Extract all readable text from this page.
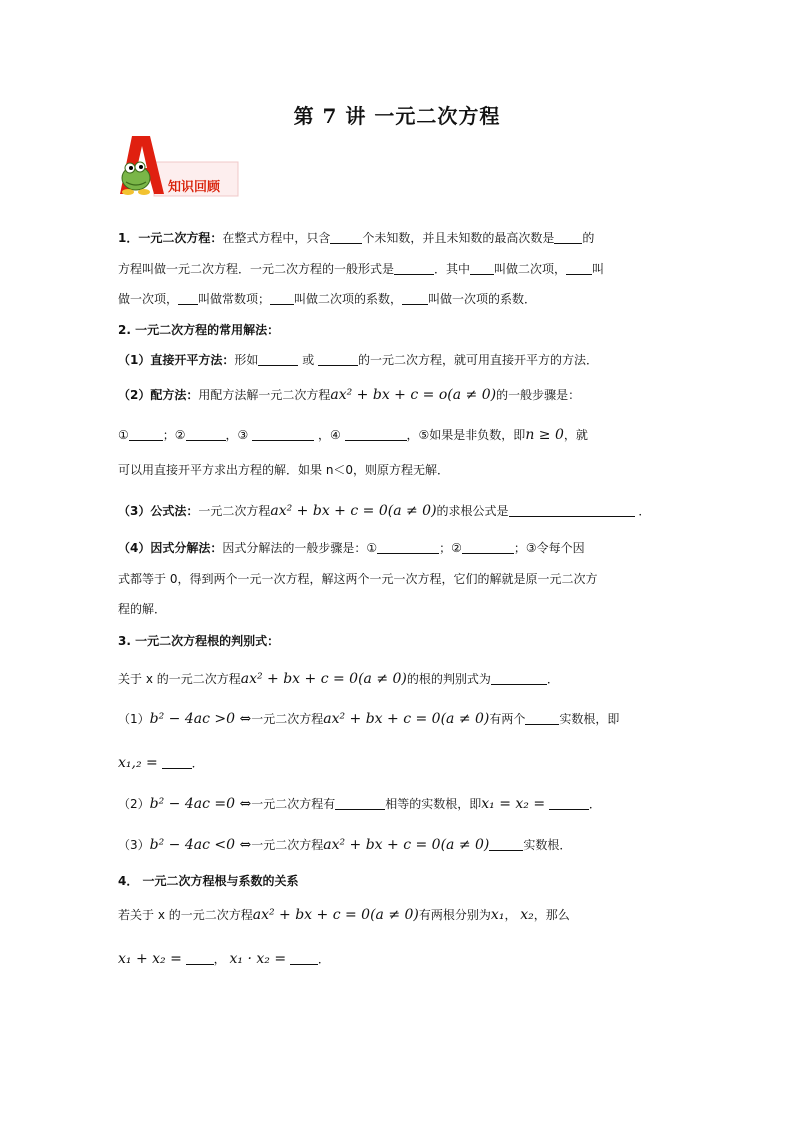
第 7 讲 一元二次方程
知识回顾
1．一元二次方程：在整式方程中，只含	个未知数，并且未知数的最高次数是 的
方程叫做一元二次方程．一元二次方程的一般形式是	．其中 叫做二次项， 叫
做一次项， 叫做常数项； 叫做二次项的系数， 叫做一次项的系数．
2. 一元二次方程的常用解法：
（1）直接开平方法：形如	或	的一元二次方程，就可用直接开平方的方法．
（2）配方法：用配方法解一元二次方程ax² + bx + c = o(a ≠ 0)的一般步骤是：
①	；②	，③	，④	，⑤如果是非负数，即n ≥ 0，就
可以用直接开平方求出方程的解．如果 n＜0，则原方程无解．
（3）公式法：一元二次方程ax² + bx + c = 0(a ≠ 0)的求根公式是	．
（4）因式分解法：因式分解法的一般步骤是：①	；②	；③令每个因
式都等于 0，得到两个一元一次方程，解这两个一元一次方程，它们的解就是原一元二次方
程的解．
3. 一元二次方程根的判别式：
关于 x 的一元二次方程ax² + bx + c = 0(a ≠ 0)的根的判别式为	．
（1）b² − 4ac >0 ⇔一元二次方程ax² + bx + c = 0(a ≠ 0)有两个	实数根，即
x₁,₂ =	．
（2）b² − 4ac =0 ⇔一元二次方程有	相等的实数根，即x₁ = x₂ =	．
（3）b² − 4ac <0 ⇔一元二次方程ax² + bx + c = 0(a ≠ 0)	实数根．
4． 一元二次方程根与系数的关系
若关于 x 的一元二次方程ax² + bx + c = 0(a ≠ 0)有两根分别为x₁， x₂，那么
x₁ + x₂ =	， x₁ · x₂ =	．
